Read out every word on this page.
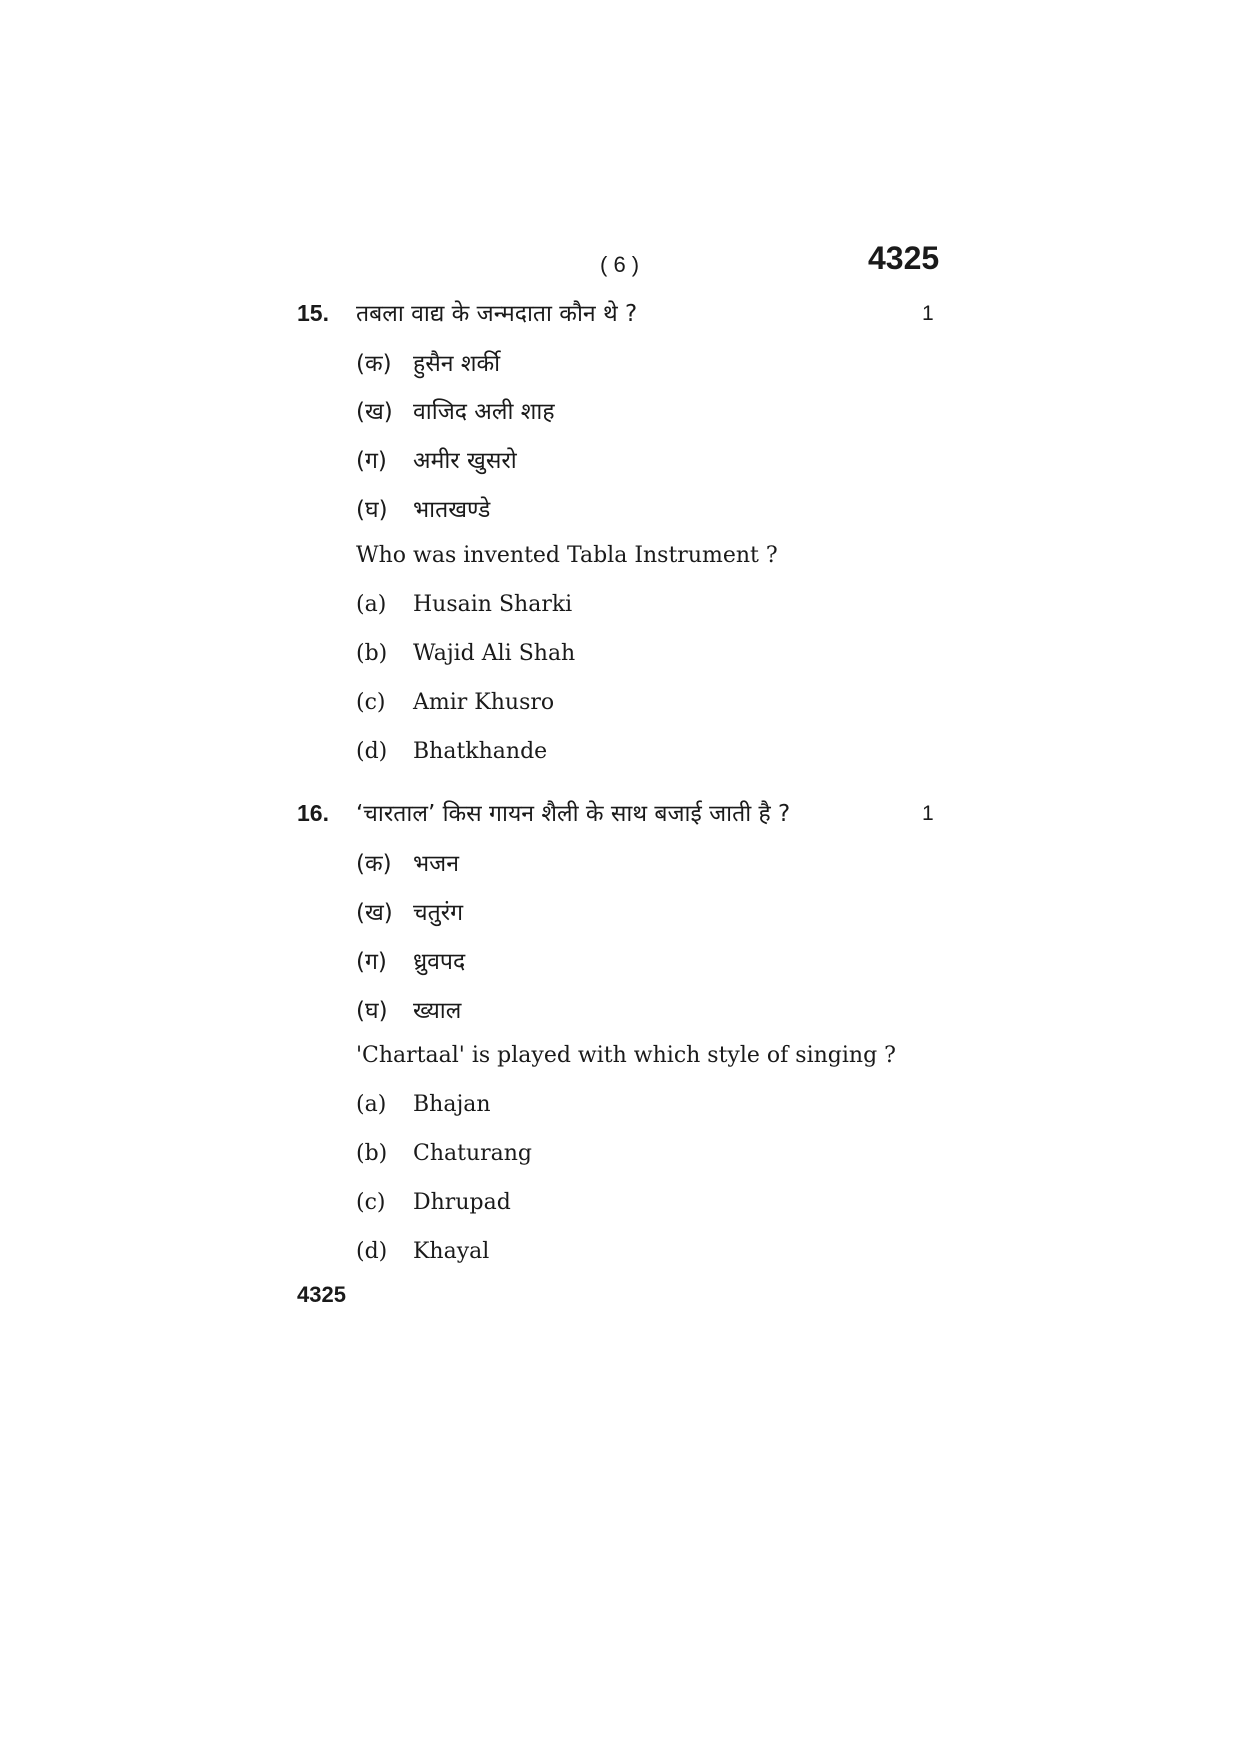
( 6 )	4325
15. तबला वाद्य के जन्मदाता कौन थे ?	1
(क) हुसैन शर्की
(ख) वाजिद अली शाह
(ग) अमीर खुसरो
(घ) भातखण्डे
Who was invented Tabla Instrument ?
(a) Husain Sharki
(b) Wajid Ali Shah
(c) Amir Khusro
(d) Bhatkhande
16. ‘चारताल’ किस गायन शैली के साथ बजाई जाती है ?	1
(क) भजन
(ख) चतुरंग
(ग) ध्रुवपद
(घ) ख्याल
'Chartaal' is played with which style of singing ?
(a) Bhajan
(b) Chaturang
(c) Dhrupad
(d) Khayal
4325
